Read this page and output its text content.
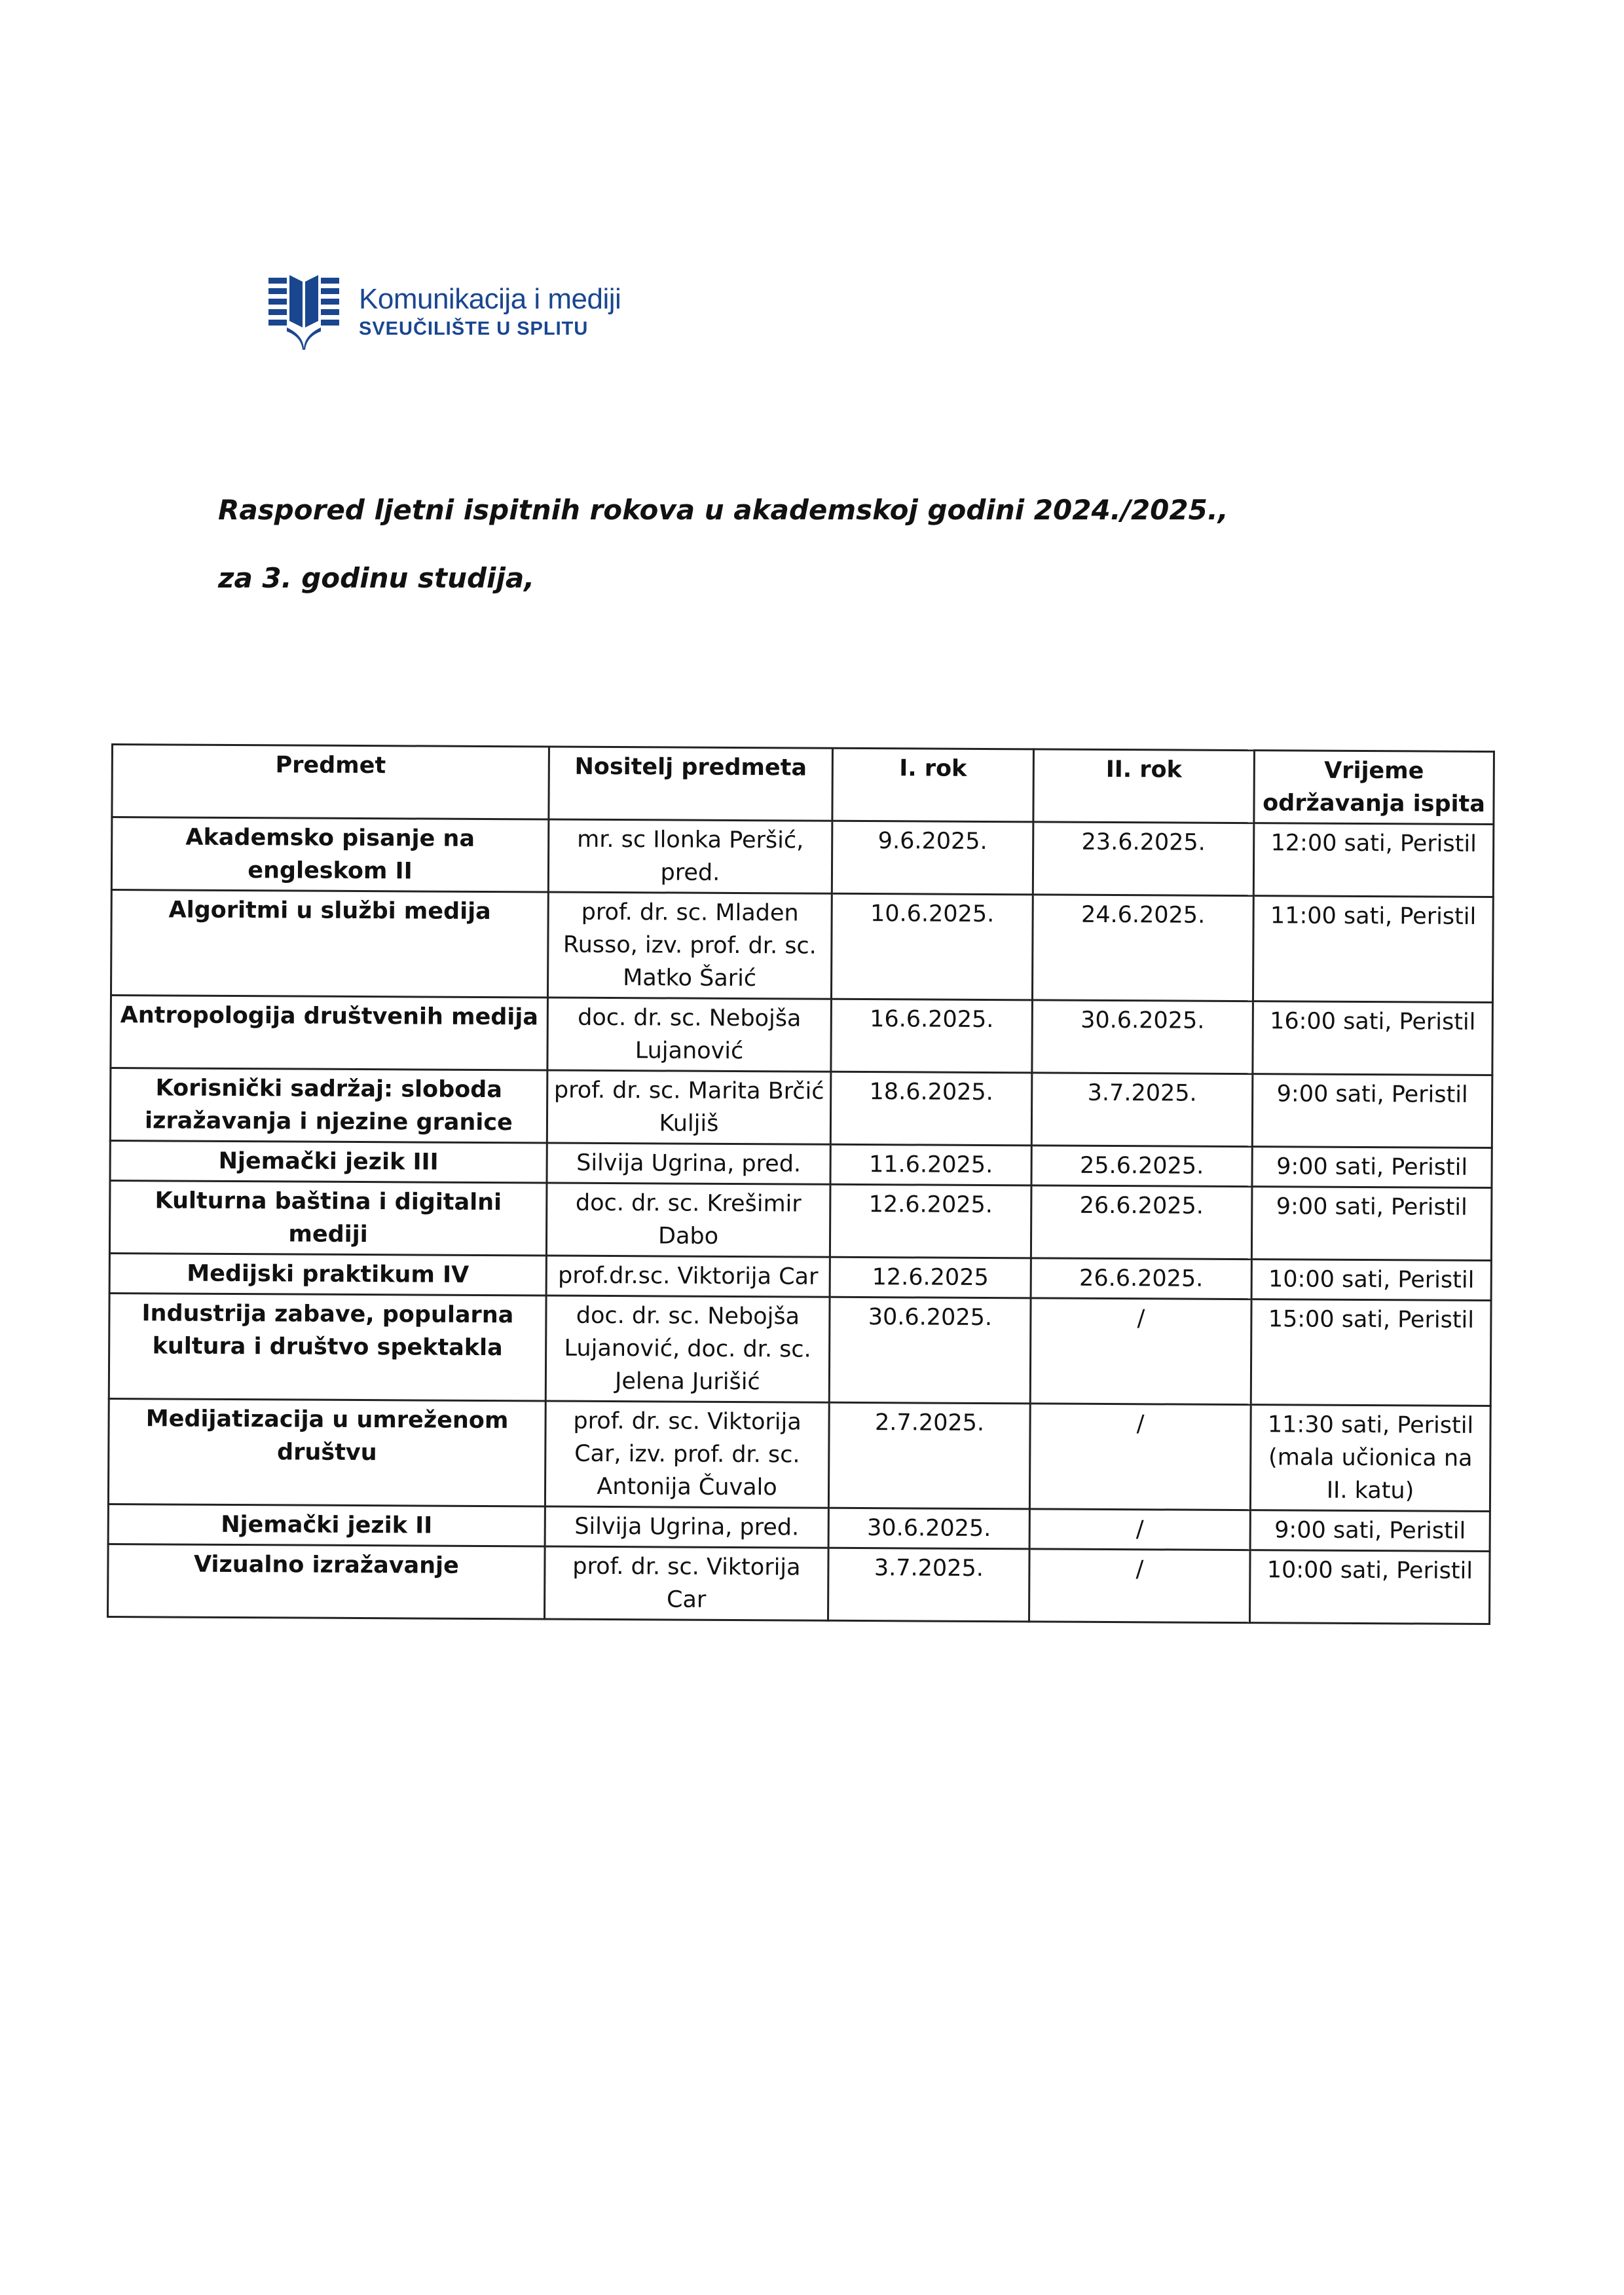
Komunikacija i mediji
SVEUČILIŠTE U SPLITU
Raspored ljetni ispitnih rokova u akademskoj godini 2024./2025.,
za 3. godinu studija,
Predmet	Nositelj predmeta	I. rok	II. rok	Vrijeme održavanja ispita
Akademsko pisanje na engleskom II	mr. sc Ilonka Peršić, pred.	9.6.2025.	23.6.2025.	12:00 sati, Peristil
Algoritmi u službi medija	prof. dr. sc. Mladen Russo, izv. prof. dr. sc. Matko Šarić	10.6.2025.	24.6.2025.	11:00 sati, Peristil
Antropologija društvenih medija	doc. dr. sc. Nebojša Lujanović	16.6.2025.	30.6.2025.	16:00 sati, Peristil
Korisnički sadržaj: sloboda izražavanja i njezine granice	prof. dr. sc. Marita Brčić Kuljiš	18.6.2025.	3.7.2025.	9:00 sati, Peristil
Njemački jezik III	Silvija Ugrina, pred.	11.6.2025.	25.6.2025.	9:00 sati, Peristil
Kulturna baština i digitalni mediji	doc. dr. sc. Krešimir Dabo	12.6.2025.	26.6.2025.	9:00 sati, Peristil
Medijski praktikum IV	prof.dr.sc. Viktorija Car	12.6.2025	26.6.2025.	10:00 sati, Peristil
Industrija zabave, popularna kultura i društvo spektakla	doc. dr. sc. Nebojša Lujanović, doc. dr. sc. Jelena Jurišić	30.6.2025.	/	15:00 sati, Peristil
Medijatizacija u umreženom društvu	prof. dr. sc. Viktorija Car, izv. prof. dr. sc. Antonija Čuvalo	2.7.2025.	/	11:30 sati, Peristil (mala učionica na II. katu)
Njemački jezik II	Silvija Ugrina, pred.	30.6.2025.	/	9:00 sati, Peristil
Vizualno izražavanje	prof. dr. sc. Viktorija Car	3.7.2025.	/	10:00 sati, Peristil
